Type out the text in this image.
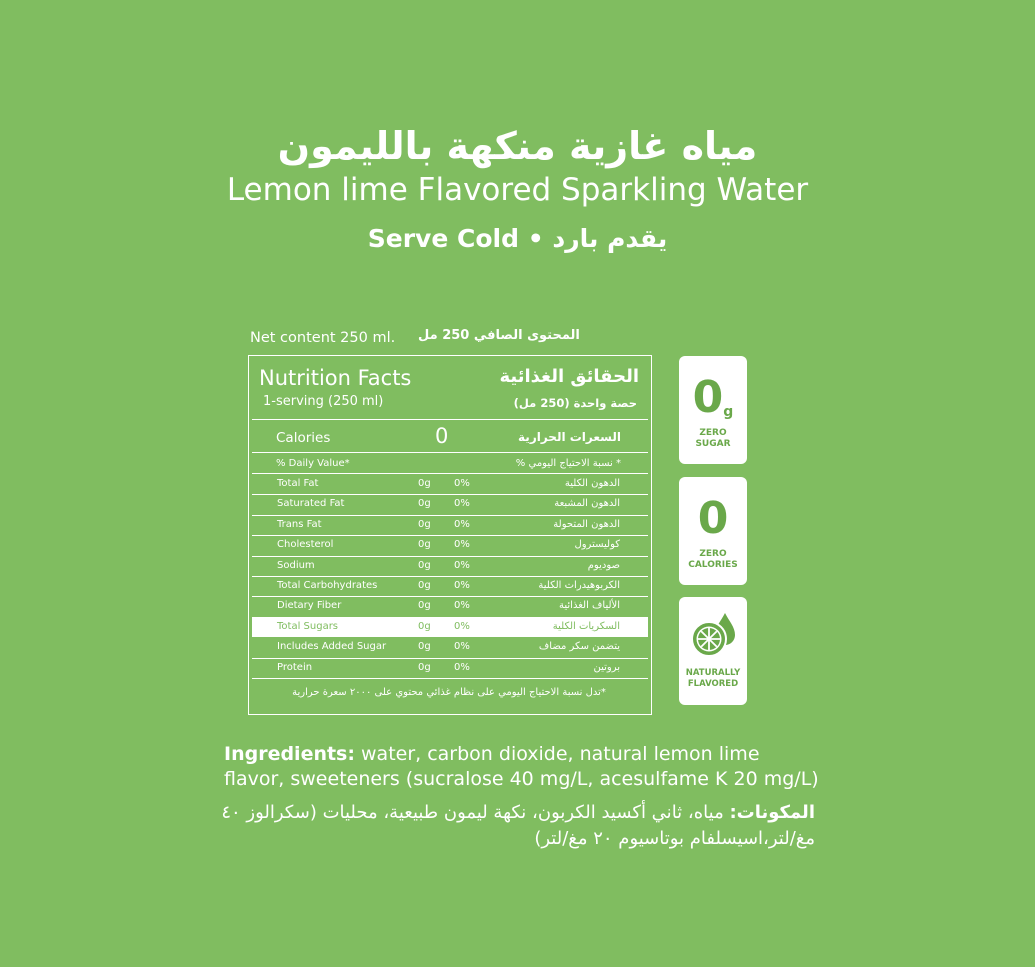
مياه غازية منكهة بالليمون
Lemon lime Flavored Sparkling Water
Serve Cold • يقدم بارد
Net content 250 ml. المحتوى الصافي 250 مل
Nutrition Facts
1-serving (250 ml)
الحقائق الغذائية
حصة واحدة (250 مل)
Calories	0	السعرات الحرارية
% Daily Value*	* نسبة الاحتياج اليومي %
Total Fat	0g 0%	الدهون الكلية
Saturated Fat	0g 0%	الدهون المشبعة
Trans Fat	0g 0%	الدهون المتحولة
Cholesterol	0g 0%	كوليسترول
Sodium	0g 0%	صوديوم
Total Carbohydrates	0g 0%	الكربوهيدرات الكلية
Dietary Fiber	0g 0%	الألياف الغذائية
Total Sugars	0g 0%	السكريات الكلية
Includes Added Sugar	0g 0%	يتضمن سكر مضاف
Protein	0g 0%	بروتين
*تدل نسبة الاحتياج اليومي على نظام غذائي محتوي على ٢٠٠٠ سعرة حرارية
$0_g$
ZERO
SUGAR
0
ZERO
CALORIES
NATURALLY
FLAVORED
Ingredients: water, carbon dioxide, natural lemon lime flavor, sweeteners (sucralose 40 mg/L, acesulfame K 20 mg/L)
المكونات: مياه، ثاني أكسيد الكربون، نكهة ليمون طبيعية، محليات (سكرالوز ٤٠ مغ/لتر،اسيسلفام بوتاسيوم ٢٠ مغ/لتر)
